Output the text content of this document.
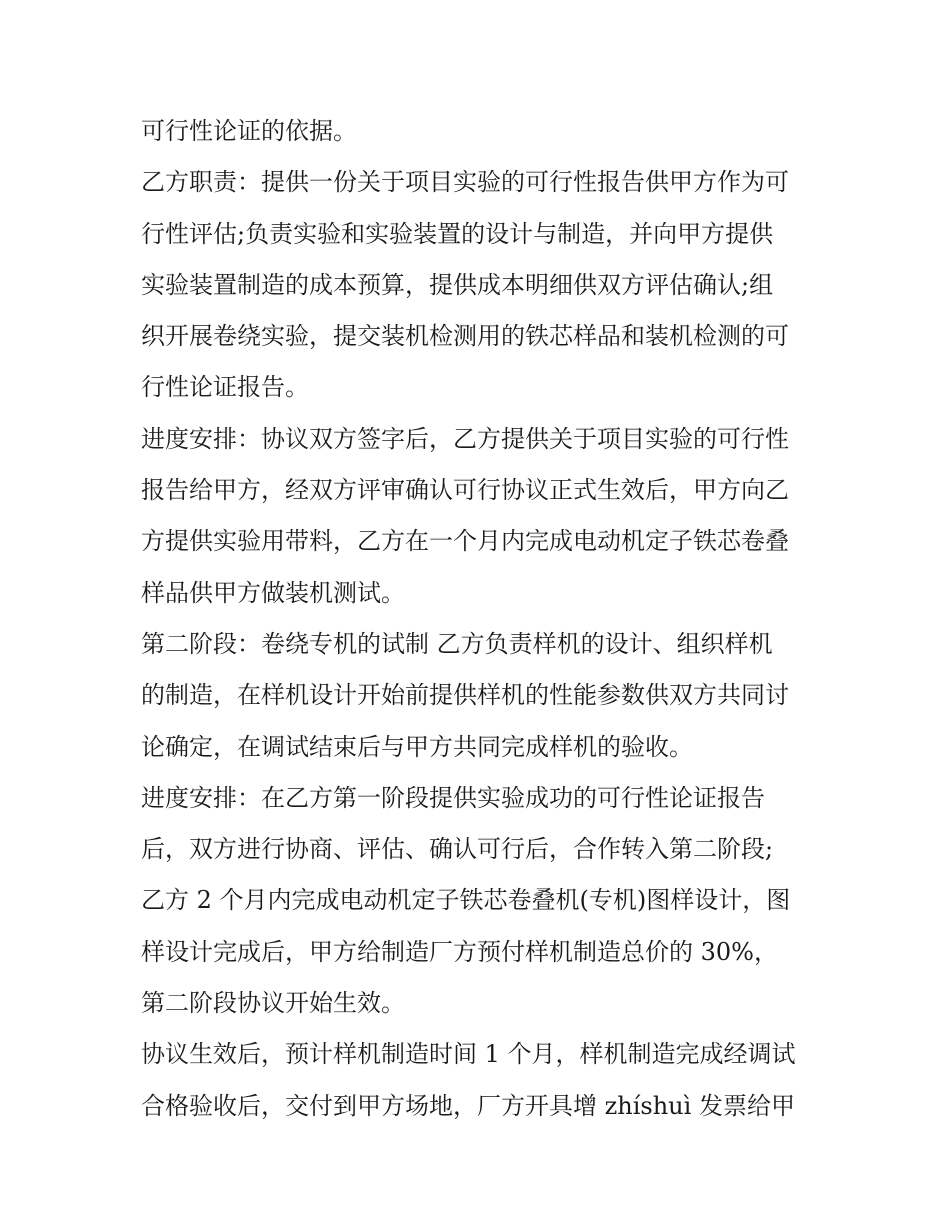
可行性论证的依据。
乙方职责：提供一份关于项目实验的可行性报告供甲方作为可
行性评估;负责实验和实验装置的设计与制造，并向甲方提供
实验装置制造的成本预算，提供成本明细供双方评估确认;组
织开展卷绕实验，提交装机检测用的铁芯样品和装机检测的可
行性论证报告。
进度安排：协议双方签字后，乙方提供关于项目实验的可行性
报告给甲方，经双方评审确认可行协议正式生效后，甲方向乙
方提供实验用带料，乙方在一个月内完成电动机定子铁芯卷叠
样品供甲方做装机测试。
第二阶段：卷绕专机的试制 乙方负责样机的设计、组织样机
的制造，在样机设计开始前提供样机的性能参数供双方共同讨
论确定，在调试结束后与甲方共同完成样机的验收。
进度安排：在乙方第一阶段提供实验成功的可行性论证报告
后，双方进行协商、评估、确认可行后，合作转入第二阶段;
乙方 2 个月内完成电动机定子铁芯卷叠机(专机)图样设计，图
样设计完成后，甲方给制造厂方预付样机制造总价的 30%，
第二阶段协议开始生效。
协议生效后，预计样机制造时间 1 个月，样机制造完成经调试
合格验收后，交付到甲方场地，厂方开具增 zhíshuì 发票给甲
